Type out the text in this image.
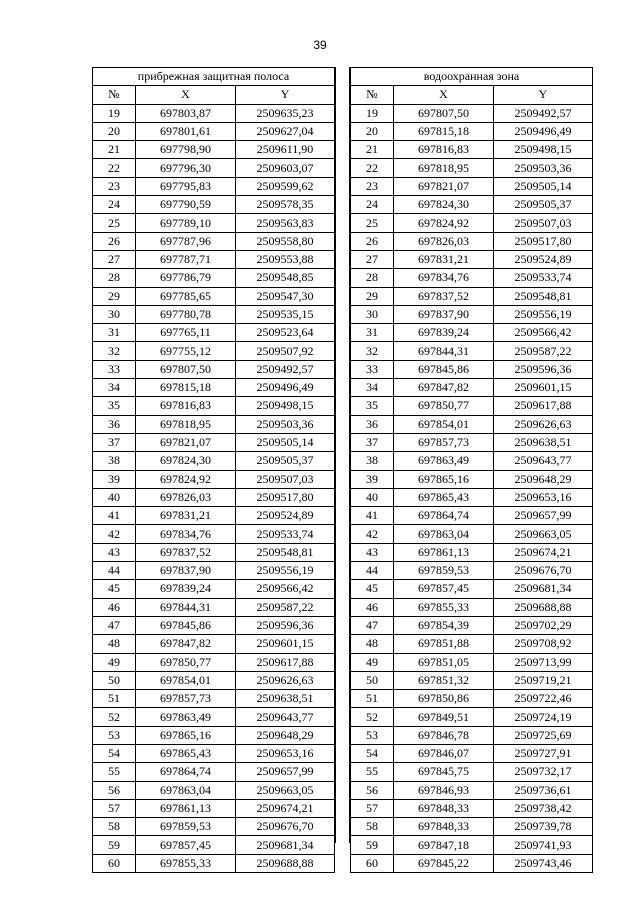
39
прибрежная защитная полоса		
№	X	Y
19	697803,87	2509635,23
20	697801,61	2509627,04
21	697798,90	2509611,90
22	697796,30	2509603,07
23	697795,83	2509599,62
24	697790,59	2509578,35
25	697789,10	2509563,83
26	697787,96	2509558,80
27	697787,71	2509553,88
28	697786,79	2509548,85
29	697785,65	2509547,30
30	697780,78	2509535,15
31	697765,11	2509523,64
32	697755,12	2509507,92
33	697807,50	2509492,57
34	697815,18	2509496,49
35	697816,83	2509498,15
36	697818,95	2509503,36
37	697821,07	2509505,14
38	697824,30	2509505,37
39	697824,92	2509507,03
40	697826,03	2509517,80
41	697831,21	2509524,89
42	697834,76	2509533,74
43	697837,52	2509548,81
44	697837,90	2509556,19
45	697839,24	2509566,42
46	697844,31	2509587,22
47	697845,86	2509596,36
48	697847,82	2509601,15
49	697850,77	2509617,88
50	697854,01	2509626,63
51	697857,73	2509638,51
52	697863,49	2509643,77
53	697865,16	2509648,29
54	697865,43	2509653,16
55	697864,74	2509657,99
56	697863,04	2509663,05
57	697861,13	2509674,21
58	697859,53	2509676,70
59	697857,45	2509681,34
60	697855,33	2509688,88
водоохранная зона		
№	X	Y
19	697807,50	2509492,57
20	697815,18	2509496,49
21	697816,83	2509498,15
22	697818,95	2509503,36
23	697821,07	2509505,14
24	697824,30	2509505,37
25	697824,92	2509507,03
26	697826,03	2509517,80
27	697831,21	2509524,89
28	697834,76	2509533,74
29	697837,52	2509548,81
30	697837,90	2509556,19
31	697839,24	2509566,42
32	697844,31	2509587,22
33	697845,86	2509596,36
34	697847,82	2509601,15
35	697850,77	2509617,88
36	697854,01	2509626,63
37	697857,73	2509638,51
38	697863,49	2509643,77
39	697865,16	2509648,29
40	697865,43	2509653,16
41	697864,74	2509657,99
42	697863,04	2509663,05
43	697861,13	2509674,21
44	697859,53	2509676,70
45	697857,45	2509681,34
46	697855,33	2509688,88
47	697854,39	2509702,29
48	697851,88	2509708,92
49	697851,05	2509713,99
50	697851,32	2509719,21
51	697850,86	2509722,46
52	697849,51	2509724,19
53	697846,78	2509725,69
54	697846,07	2509727,91
55	697845,75	2509732,17
56	697846,93	2509736,61
57	697848,33	2509738,42
58	697848,33	2509739,78
59	697847,18	2509741,93
60	697845,22	2509743,46
